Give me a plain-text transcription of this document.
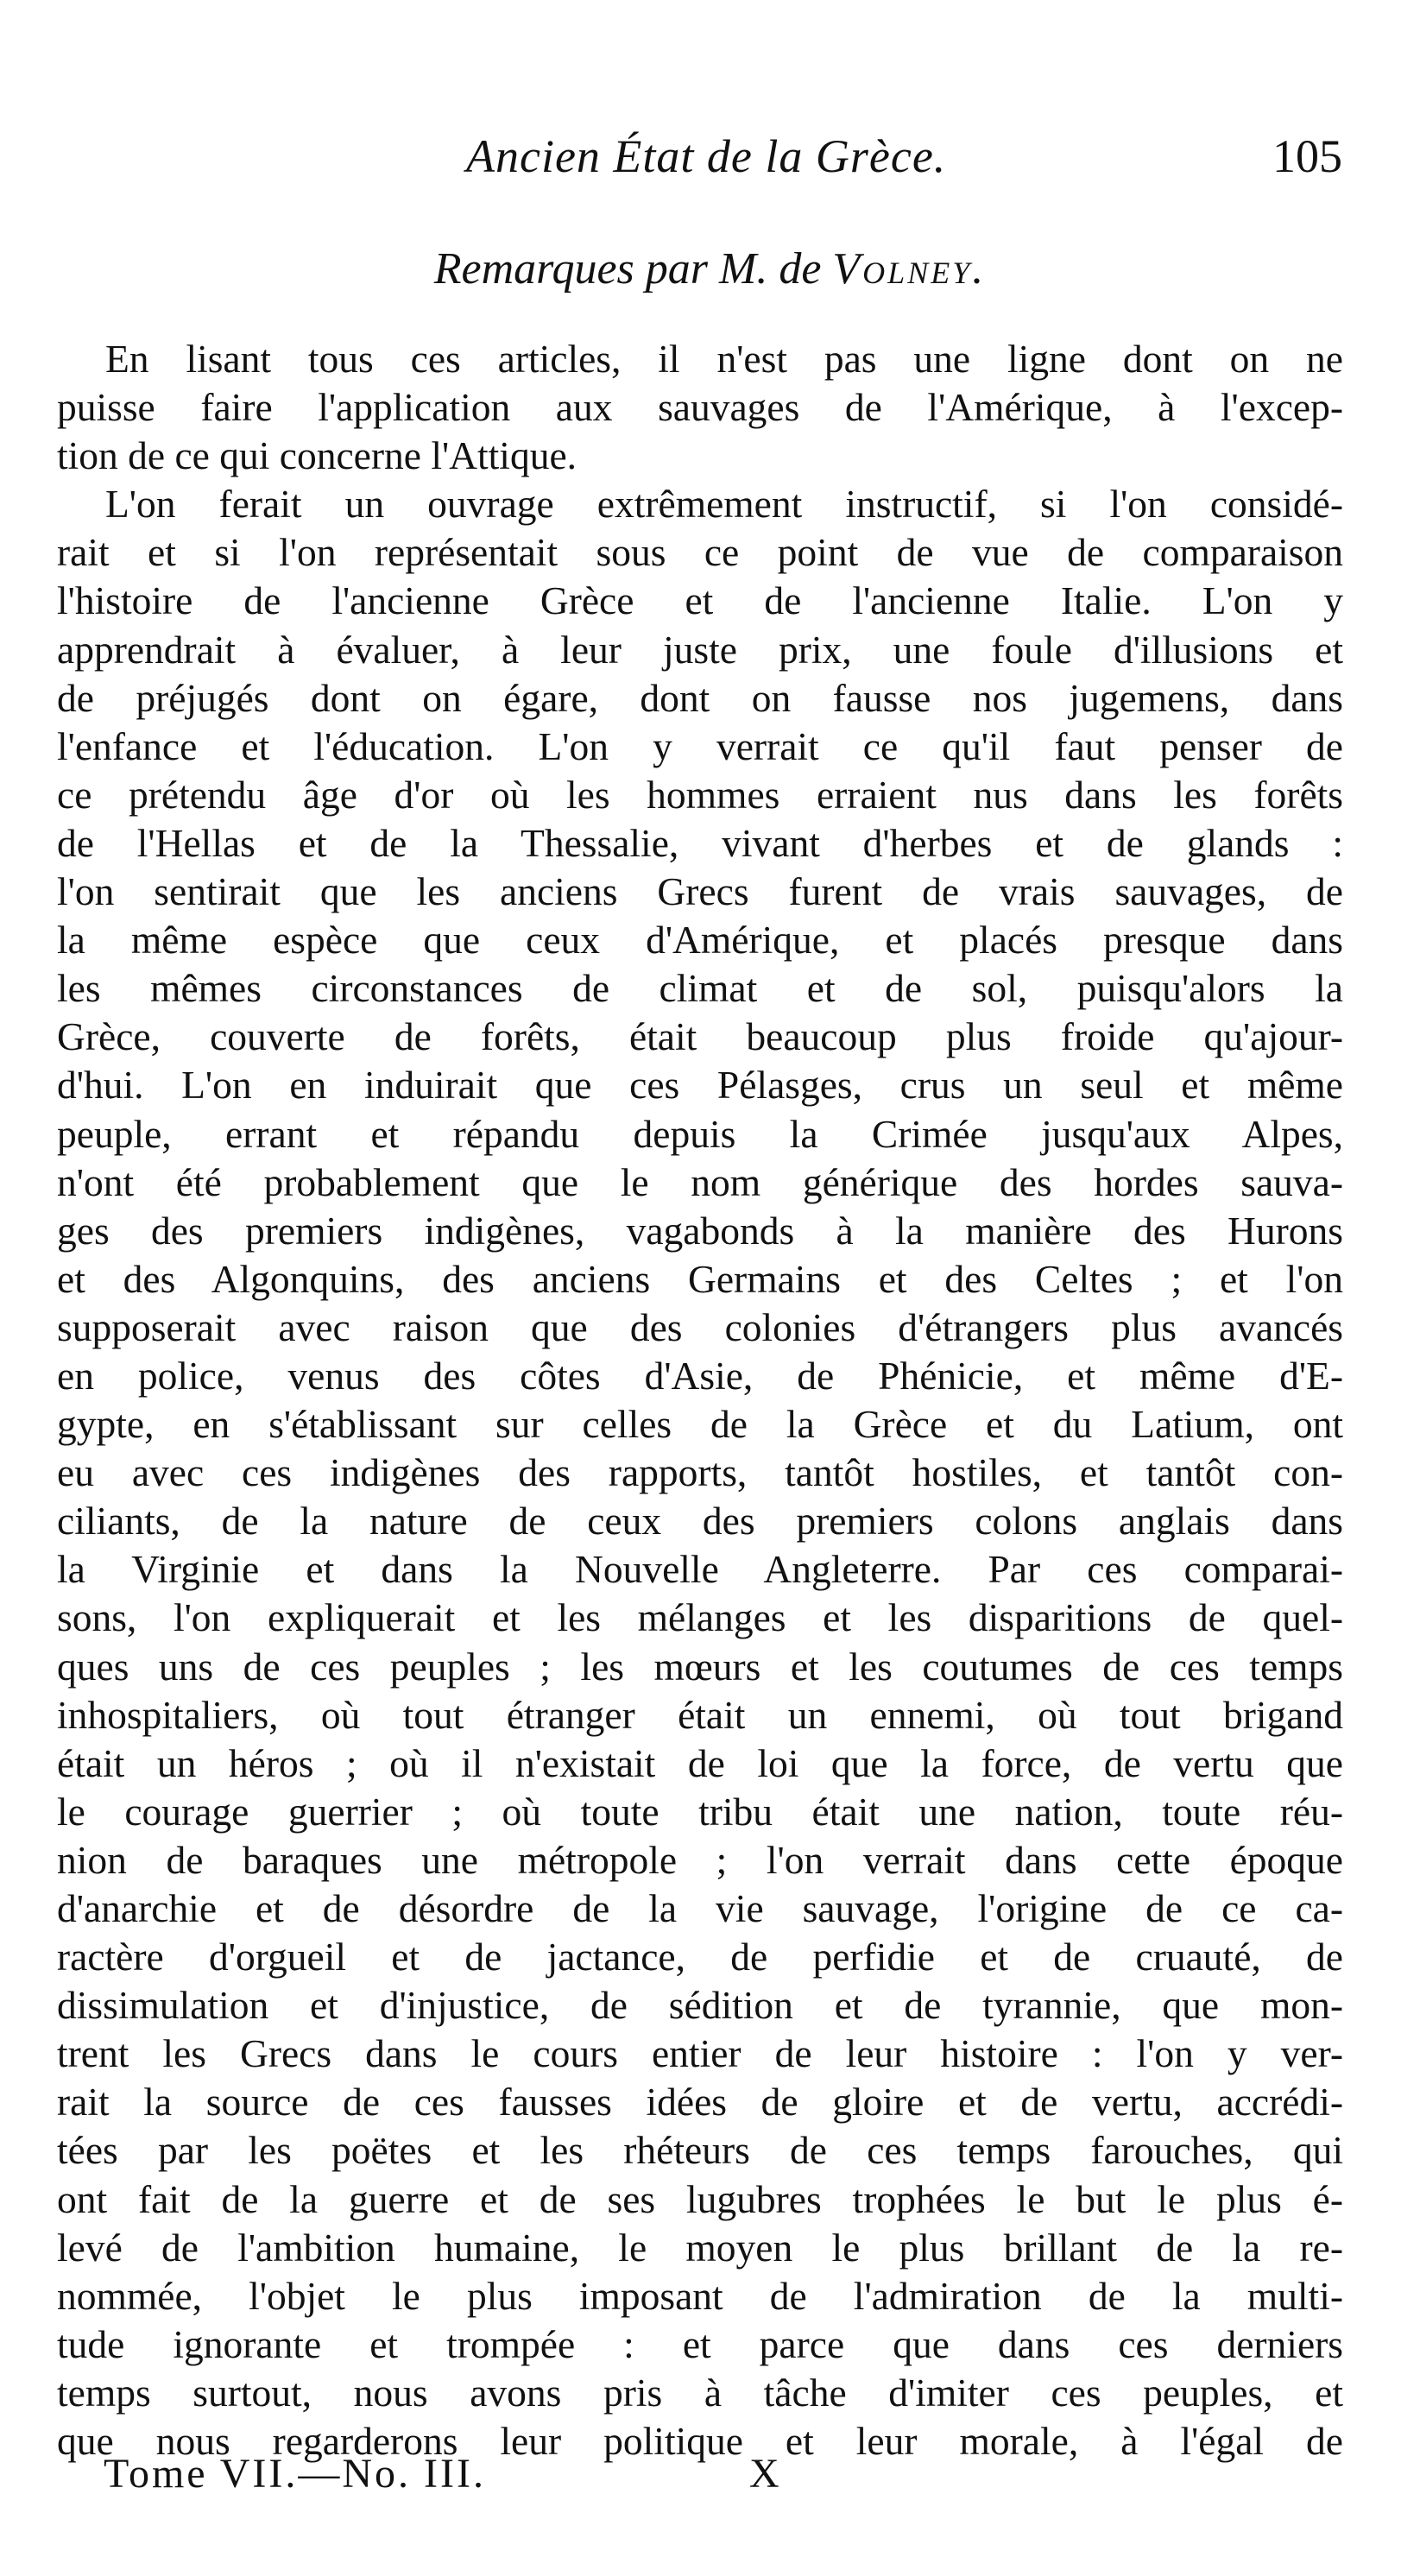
Ancien État de la Grèce.	105
Remarques par M. de Volney.
En lisant tous ces articles, il n'est pas une ligne dont on ne
puisse faire l'application aux sauvages de l'Amérique, à l'excep-
tion de ce qui concerne l'Attique.
L'on ferait un ouvrage extrêmement instructif, si l'on considé-
rait et si l'on représentait sous ce point de vue de comparaison
l'histoire de l'ancienne Grèce et de l'ancienne Italie. L'on y
apprendrait à évaluer, à leur juste prix, une foule d'illusions et
de préjugés dont on égare, dont on fausse nos jugemens, dans
l'enfance et l'éducation. L'on y verrait ce qu'il faut penser de
ce prétendu âge d'or où les hommes erraient nus dans les forêts
de l'Hellas et de la Thessalie, vivant d'herbes et de glands :
l'on sentirait que les anciens Grecs furent de vrais sauvages, de
la même espèce que ceux d'Amérique, et placés presque dans
les mêmes circonstances de climat et de sol, puisqu'alors la
Grèce, couverte de forêts, était beaucoup plus froide qu'ajour-
d'hui. L'on en induirait que ces Pélasges, crus un seul et même
peuple, errant et répandu depuis la Crimée jusqu'aux Alpes,
n'ont été probablement que le nom générique des hordes sauva-
ges des premiers indigènes, vagabonds à la manière des Hurons
et des Algonquins, des anciens Germains et des Celtes ; et l'on
supposerait avec raison que des colonies d'étrangers plus avancés
en police, venus des côtes d'Asie, de Phénicie, et même d'E-
gypte, en s'établissant sur celles de la Grèce et du Latium, ont
eu avec ces indigènes des rapports, tantôt hostiles, et tantôt con-
ciliants, de la nature de ceux des premiers colons anglais dans
la Virginie et dans la Nouvelle Angleterre. Par ces comparai-
sons, l'on expliquerait et les mélanges et les disparitions de quel-
ques uns de ces peuples ; les mœurs et les coutumes de ces temps
inhospitaliers, où tout étranger était un ennemi, où tout brigand
était un héros ; où il n'existait de loi que la force, de vertu que
le courage guerrier ; où toute tribu était une nation, toute réu-
nion de baraques une métropole ; l'on verrait dans cette époque
d'anarchie et de désordre de la vie sauvage, l'origine de ce ca-
ractère d'orgueil et de jactance, de perfidie et de cruauté, de
dissimulation et d'injustice, de sédition et de tyrannie, que mon-
trent les Grecs dans le cours entier de leur histoire : l'on y ver-
rait la source de ces fausses idées de gloire et de vertu, accrédi-
tées par les poëtes et les rhéteurs de ces temps farouches, qui
ont fait de la guerre et de ses lugubres trophées le but le plus é-
levé de l'ambition humaine, le moyen le plus brillant de la re-
nommée, l'objet le plus imposant de l'admiration de la multi-
tude ignorante et trompée : et parce que dans ces derniers
temps surtout, nous avons pris à tâche d'imiter ces peuples, et
que nous regarderons leur politique et leur morale, à l'égal de
Tome VII.—No. III.	X
